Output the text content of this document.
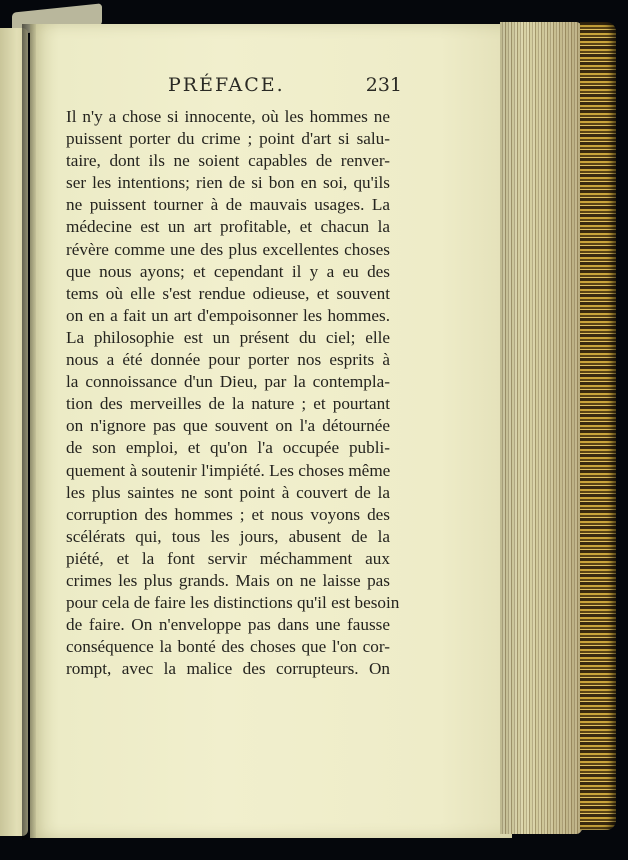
PRÉFACE.	231
Il n'y a chose si innocente, où les hommes ne
puissent porter du crime ; point d'art si salu-
taire, dont ils ne soient capables de renver-
ser les intentions; rien de si bon en soi, qu'ils
ne puissent tourner à de mauvais usages. La
médecine est un art profitable, et chacun la
révère comme une des plus excellentes choses
que nous ayons; et cependant il y a eu des
tems où elle s'est rendue odieuse, et souvent
on en a fait un art d'empoisonner les hommes.
La philosophie est un présent du ciel; elle
nous a été donnée pour porter nos esprits à
la connoissance d'un Dieu, par la contempla-
tion des merveilles de la nature ; et pourtant
on n'ignore pas que souvent on l'a détournée
de son emploi, et qu'on l'a occupée publi-
quement à soutenir l'impiété. Les choses même
les plus saintes ne sont point à couvert de la
corruption des hommes ; et nous voyons des
scélérats qui, tous les jours, abusent de la
piété, et la font servir méchamment aux
crimes les plus grands. Mais on ne laisse pas
pour cela de faire les distinctions qu'il est besoin
de faire. On n'enveloppe pas dans une fausse
conséquence la bonté des choses que l'on cor-
rompt, avec la malice des corrupteurs. On
